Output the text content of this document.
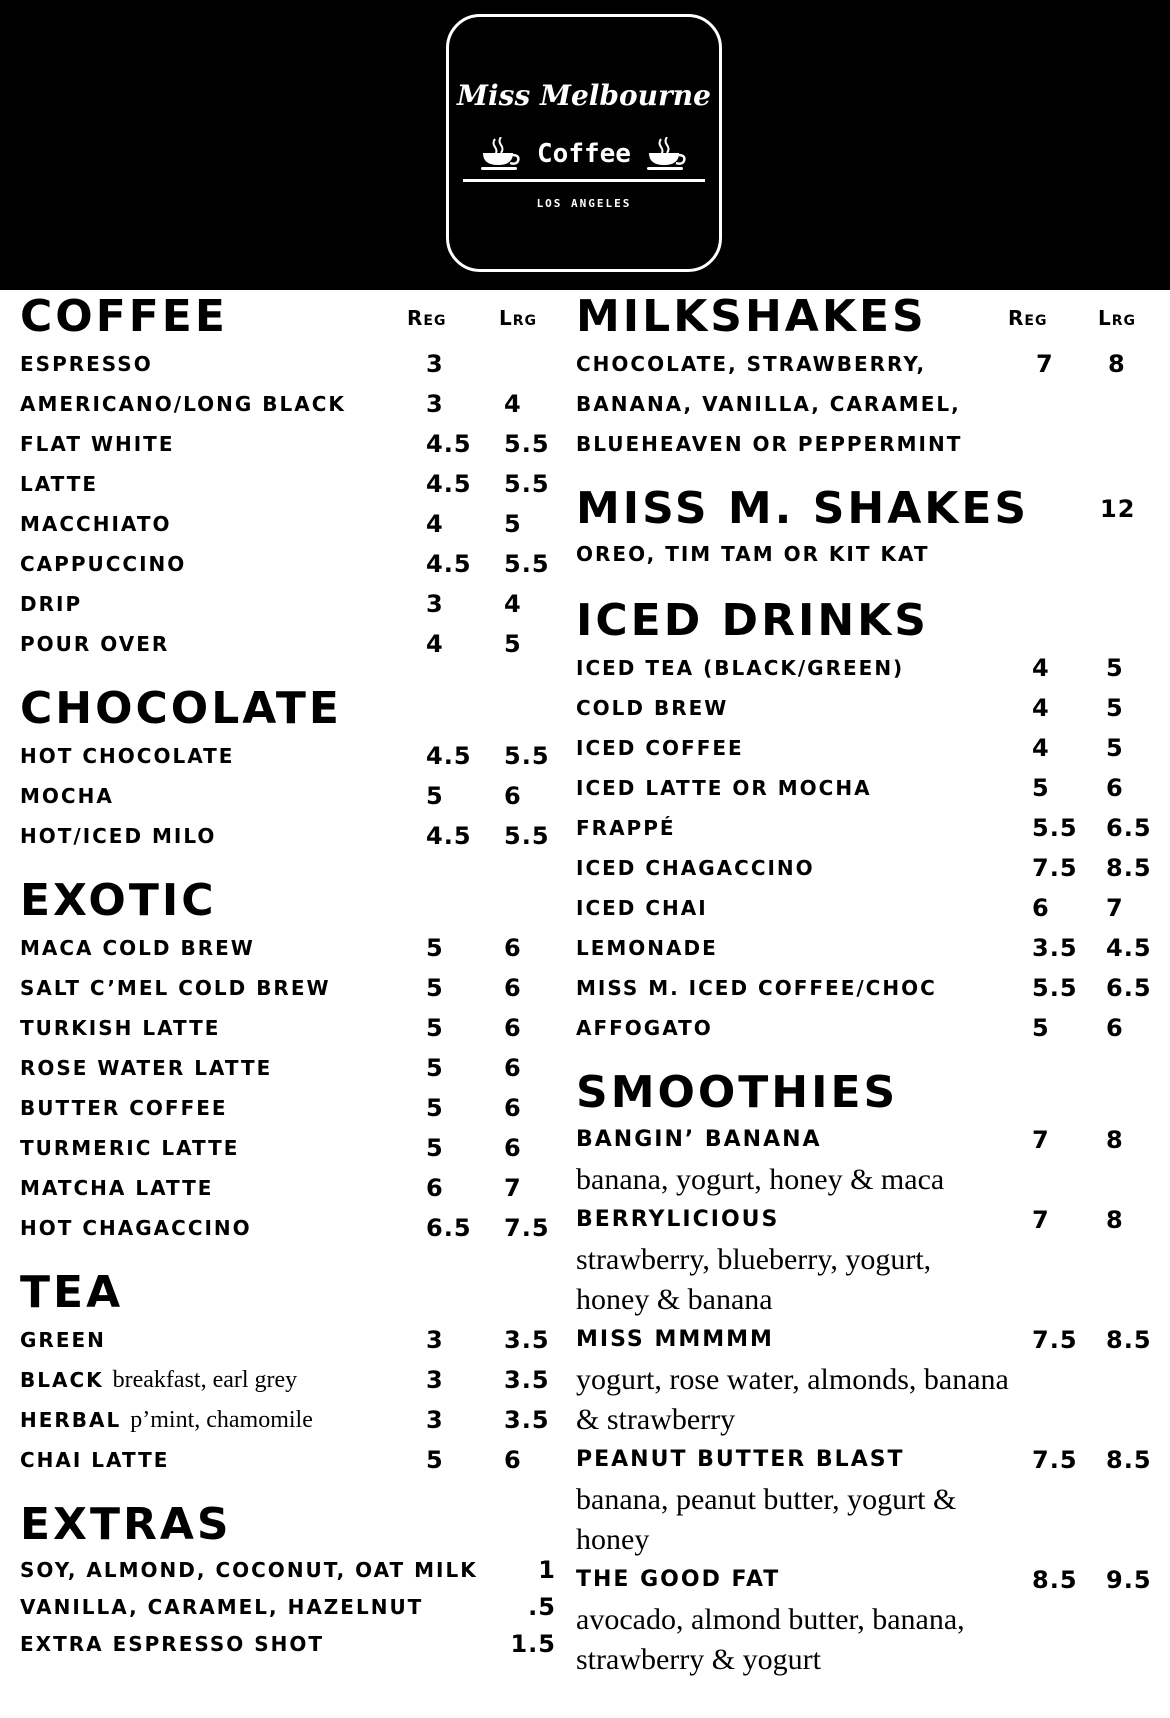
Miss Melbourne
Coffee
LOS ANGELES
COFFEE	Reg	Lrg
ESPRESSO	3
AMERICANO/LONG BLACK	3	4
FLAT WHITE	4.5 5.5
LATTE	4.5 5.5
MACCHIATO	4	5
CAPPUCCINO	4.5 5.5
DRIP	3	4
POUR OVER	4	5
CHOCOLATE
HOT CHOCOLATE	4.5 5.5
MOCHA	5	6
HOT/ICED MILO	4.5 5.5
EXOTIC
MACA COLD BREW	5	6
SALT C’MEL COLD BREW	5	6
TURKISH LATTE	5	6
ROSE WATER LATTE	5	6
BUTTER COFFEE	5	6
TURMERIC LATTE	5	6
MATCHA LATTE	6	7
HOT CHAGACCINO	6.5 7.5
TEA
GREEN	3	3.5
BLACK breakfast, earl grey	3	3.5
HERBAL p’mint, chamomile	3	3.5
CHAI LATTE	5	6
EXTRAS
SOY, ALMOND, COCONUT, OAT MILK	1
VANILLA, CARAMEL, HAZELNUT	.5
EXTRA ESPRESSO SHOT	1.5
MILKSHAKES	Reg	Lrg
CHOCOLATE, STRAWBERRY,	7 8
BANANA, VANILLA, CARAMEL,
BLUEHEAVEN OR PEPPERMINT
MISS M. SHAKES	12
OREO, TIM TAM OR KIT KAT
ICED DRINKS
ICED TEA (BLACK/GREEN)	4 5
COLD BREW	4 5
ICED COFFEE	4 5
ICED LATTE OR MOCHA	5 6
FRAPPÉ	5.5 6.5
ICED CHAGACCINO	7.5 8.5
ICED CHAI	6 7
LEMONADE	3.5 4.5
MISS M. ICED COFFEE/CHOC	5.5 6.5
AFFOGATO	5 6
SMOOTHIES
BANGIN’ BANANA	7 8

banana, yogurt, honey & maca

BERRYLICIOUS	7 8

strawberry, blueberry, yogurt,

honey & banana

MISS MMMMM	7.5 8.5

yogurt, rose water, almonds, banana

& strawberry

PEANUT BUTTER BLAST	7.5 8.5

banana, peanut butter, yogurt &

honey

THE GOOD FAT	8.5 9.5

avocado, almond butter, banana,

strawberry & yogurt
